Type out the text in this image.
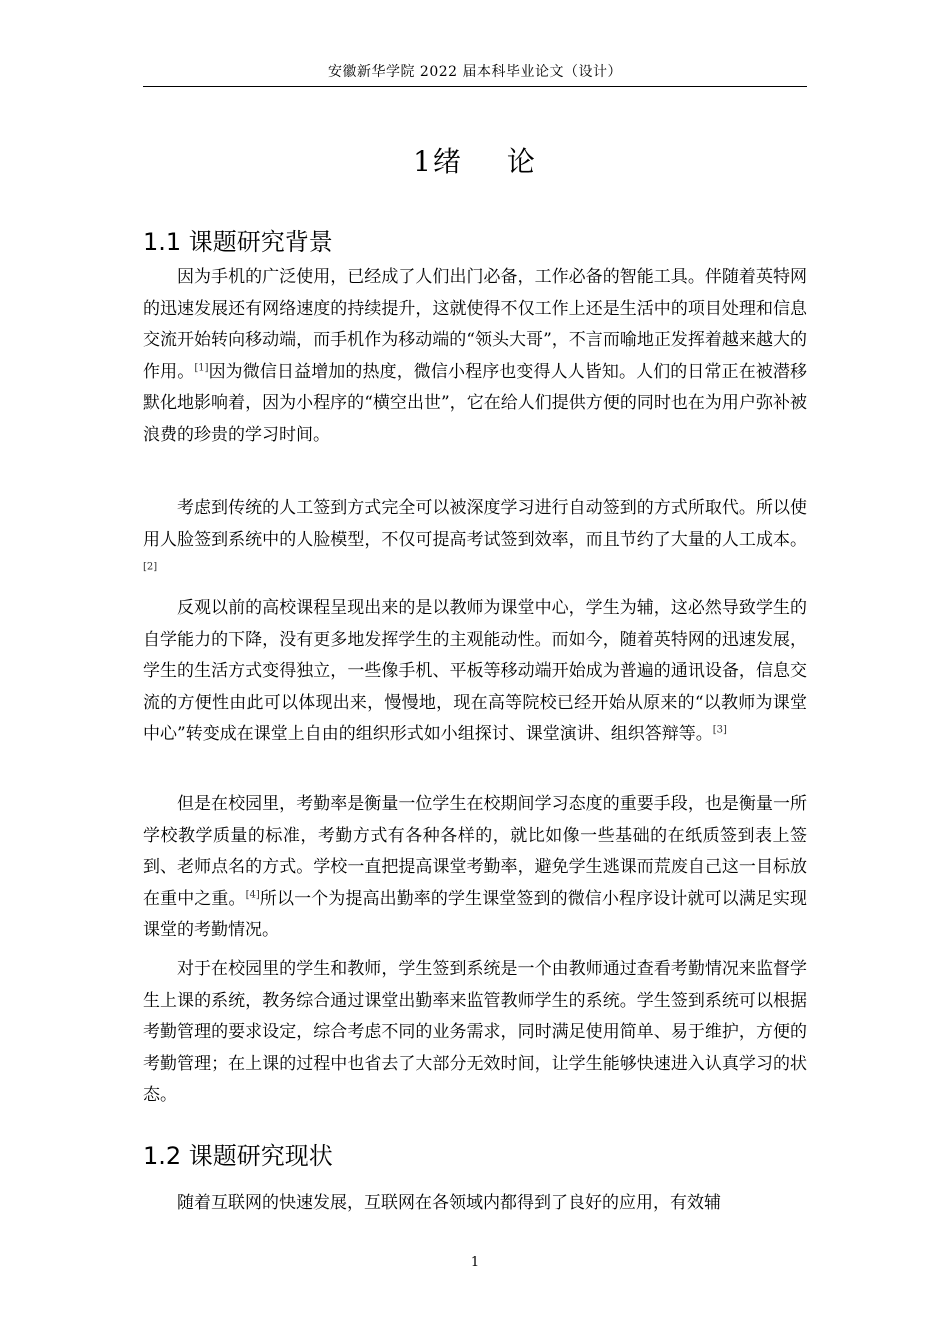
安徽新华学院 2022 届本科毕业论文（设计）
1绪 论
1.1 课题研究背景

因为手机的广泛使用，已经成了人们出门必备，工作必备的智能工具。伴随着英特网的迅速发展还有网络速度的持续提升，这就使得不仅工作上还是生活中的项目处理和信息交流开始转向移动端，而手机作为移动端的“领头大哥”，不言而喻地正发挥着越来越大的作用。[1]因为微信日益增加的热度，微信小程序也变得人人皆知。人们的日常正在被潜移默化地影响着，因为小程序的“横空出世”，它在给人们提供方便的同时也在为用户弥补被浪费的珍贵的学习时间。

考虑到传统的人工签到方式完全可以被深度学习进行自动签到的方式所取代。所以使用人脸签到系统中的人脸模型，不仅可提高考试签到效率，而且节约了大量的人工成本。[2]

反观以前的高校课程呈现出来的是以教师为课堂中心，学生为辅，这必然导致学生的自学能力的下降，没有更多地发挥学生的主观能动性。而如今，随着英特网的迅速发展，学生的生活方式变得独立，一些像手机、平板等移动端开始成为普遍的通讯设备，信息交流的方便性由此可以体现出来，慢慢地，现在高等院校已经开始从原来的“以教师为课堂中心”转变成在课堂上自由的组织形式如小组探讨、课堂演讲、组织答辩等。[3]

但是在校园里，考勤率是衡量一位学生在校期间学习态度的重要手段，也是衡量一所学校教学质量的标准，考勤方式有各种各样的，就比如像一些基础的在纸质签到表上签到、老师点名的方式。学校一直把提高课堂考勤率，避免学生逃课而荒废自己这一目标放在重中之重。[4]所以一个为提高出勤率的学生课堂签到的微信小程序设计就可以满足实现课堂的考勤情况。

对于在校园里的学生和教师，学生签到系统是一个由教师通过查看考勤情况来监督学生上课的系统，教务综合通过课堂出勤率来监管教师学生的系统。学生签到系统可以根据考勤管理的要求设定，综合考虑不同的业务需求，同时满足使用简单、易于维护，方便的考勤管理；在上课的过程中也省去了大部分无效时间，让学生能够快速进入认真学习的状态。

1.2 课题研究现状

随着互联网的快速发展，互联网在各领域内都得到了良好的应用，有效辅

1
